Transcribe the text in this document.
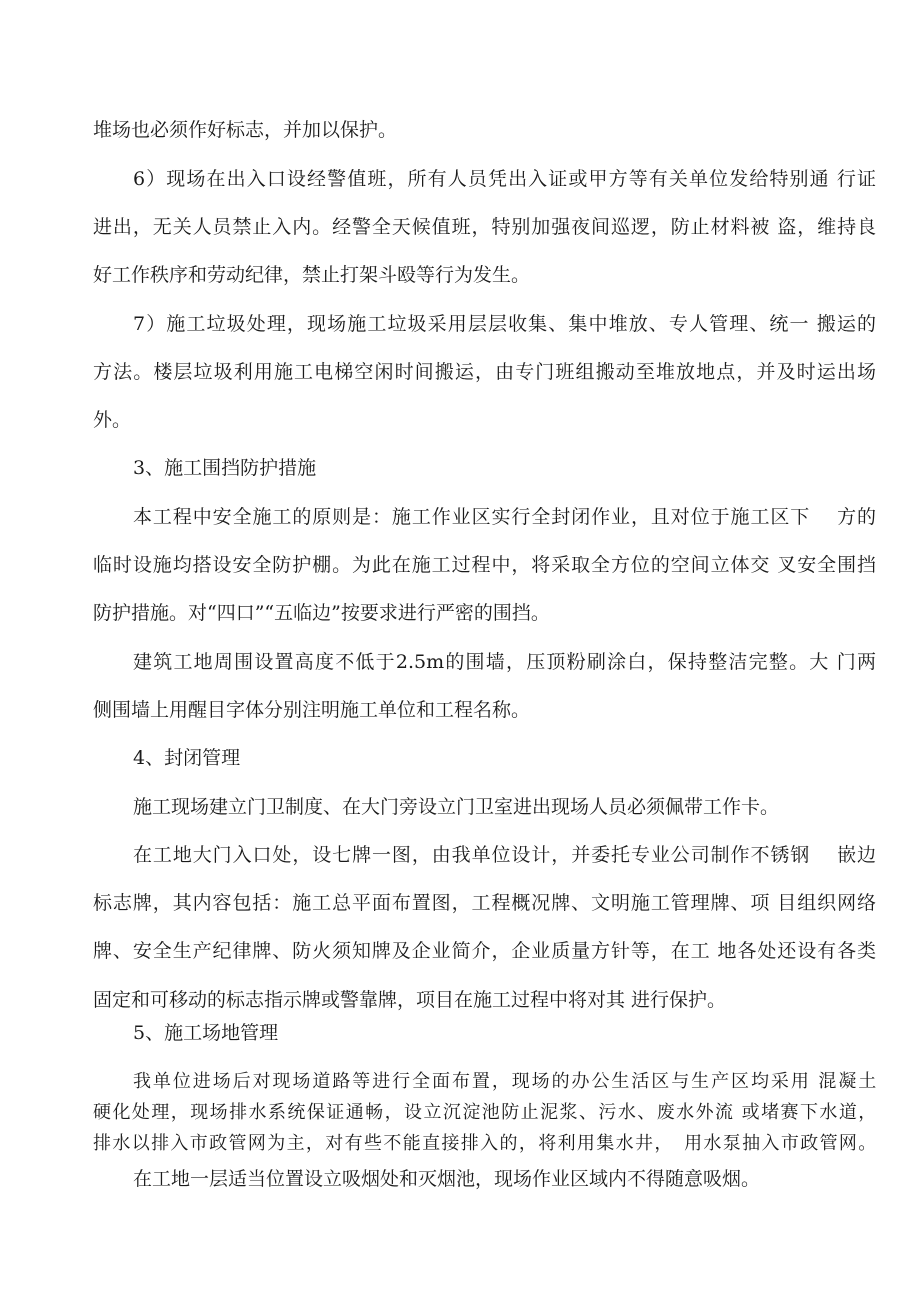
堆场也必须作好标志，并加以保护。
6）现场在出入口设经警值班，所有人员凭出入证或甲方等有关单位发给特别通 行证
进出，无关人员禁止入内。经警全天候值班，特别加强夜间巡逻，防止材料被 盗，维持良
好工作秩序和劳动纪律，禁止打架斗殴等行为发生。
7）施工垃圾处理，现场施工垃圾采用层层收集、集中堆放、专人管理、统一 搬运的
方法。楼层垃圾利用施工电梯空闲时间搬运，由专门班组搬动至堆放地点，并及时运出场
外。
3、施工围挡防护措施
本工程中安全施工的原则是：施工作业区实行全封闭作业，且对位于施工区下　 方的
临时设施均搭设安全防护棚。为此在施工过程中，将采取全方位的空间立体交 叉安全围挡
防护措施。对“四口”“五临边”按要求进行严密的围挡。
建筑工地周围设置高度不低于2.5m的围墙，压顶粉刷涂白，保持整洁完整。大 门两
侧围墙上用醒目字体分别注明施工单位和工程名称。
4、封闭管理
施工现场建立门卫制度、在大门旁设立门卫室进出现场人员必须佩带工作卡。
在工地大门入口处，设七牌一图，由我单位设计，并委托专业公司制作不锈钢　 嵌边
标志牌，其内容包括：施工总平面布置图，工程概况牌、文明施工管理牌、项 目组织网络
牌、安全生产纪律牌、防火须知牌及企业简介，企业质量方针等，在工 地各处还设有各类
固定和可移动的标志指示牌或警靠牌，项目在施工过程中将对其 进行保护。
5、施工场地管理
我单位进场后对现场道路等进行全面布置，现场的办公生活区与生产区均采用 混凝土
硬化处理，现场排水系统保证通畅，设立沉淀池防止泥浆、污水、废水外流 或堵赛下水道，
排水以排入市政管网为主，对有些不能直接排入的，将利用集水井，　用水泵抽入市政管网。
在工地一层适当位置设立吸烟处和灭烟池，现场作业区域内不得随意吸烟。
